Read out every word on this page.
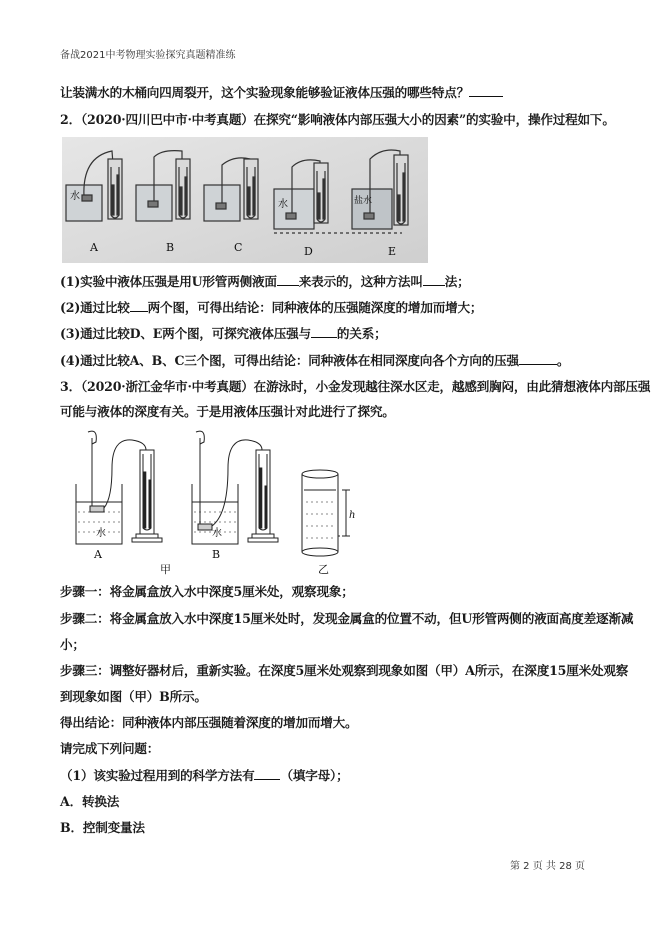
备战2021中考物理实验探究真题精准练
让装满水的木桶向四周裂开，这个实验现象能够验证液体压强的哪些特点？
2．（2020·四川巴中市·中考真题）在探究“影响液体内部压强大小的因素”的实验中，操作过程如下。
水
水	盐水
A	B	C	D	E
(1)实验中液体压强是用U形管两侧液面 来表示的，这种方法叫 法；
(2)通过比较 两个图，可得出结论：同种液体的压强随深度的增加而增大；
(3)通过比较D、E两个图，可探究液体压强与 的关系；
(4)通过比较A、B、C三个图，可得出结论：同种液体在相同深度向各个方向的压强	。
3．（2020·浙江金华市·中考真题）在游泳时，小金发现越往深水区走，越感到胸闷，由此猜想液体内部压强
可能与液体的深度有关。于是用液体压强计对此进行了探究。
水	水
A	B
甲	乙
h
步骤一：将金属盒放入水中深度5厘米处，观察现象；
步骤二：将金属盒放入水中深度15厘米处时，发现金属盒的位置不动，但U形管两侧的液面高度差逐渐减
小；
步骤三：调整好器材后，重新实验。在深度5厘米处观察到现象如图（甲）A所示，在深度15厘米处观察
到现象如图（甲）B所示。
得出结论：同种液体内部压强随着深度的增加而增大。
请完成下列问题：
（1）该实验过程用到的科学方法有 （填字母）；
A．转换法
B．控制变量法
第 2 页 共 28 页
